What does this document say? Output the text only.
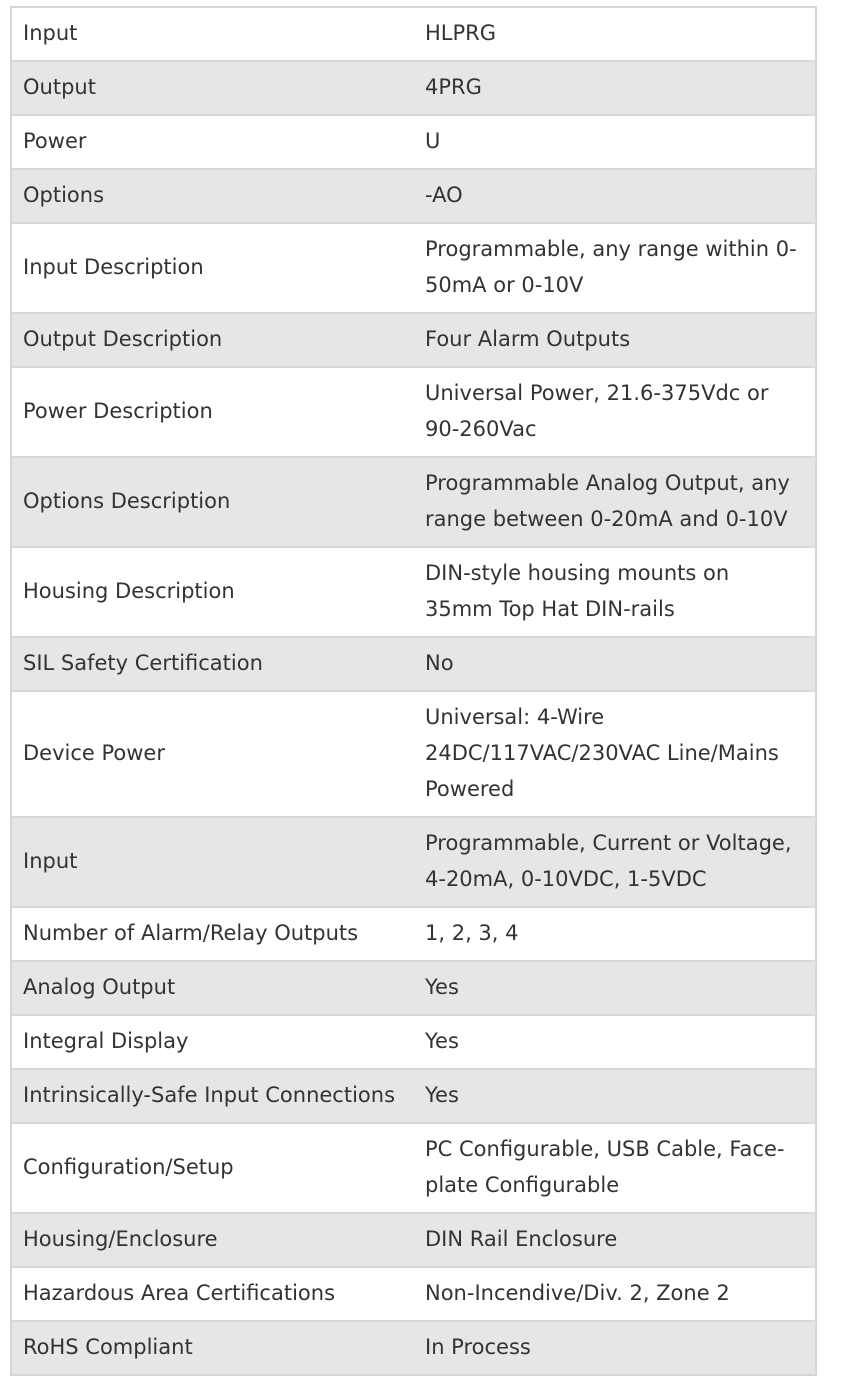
Input	HLPRG
Output	4PRG
Power	U
Options	-AO
Input Description	Programmable, any range within 0-50mA or 0-10V
Output Description	Four Alarm Outputs
Power Description	Universal Power, 21.6-375Vdc or 90-260Vac
Options Description	Programmable Analog Output, any range between 0-20mA and 0-10V
Housing Description	DIN-style housing mounts on 35mm Top Hat DIN-rails
SIL Safety Certification	No
Device Power	Universal: 4-Wire 24DC/117VAC/230VAC Line/Mains Powered
Input	Programmable, Current or Voltage, 4-20mA, 0-10VDC, 1-5VDC
Number of Alarm/Relay Outputs	1, 2, 3, 4
Analog Output	Yes
Integral Display	Yes
Intrinsically-Safe Input Connections	Yes
Configuration/Setup	PC Configurable, USB Cable, Face-plate Configurable
Housing/Enclosure	DIN Rail Enclosure
Hazardous Area Certifications	Non-Incendive/Div. 2, Zone 2
RoHS Compliant	In Process
